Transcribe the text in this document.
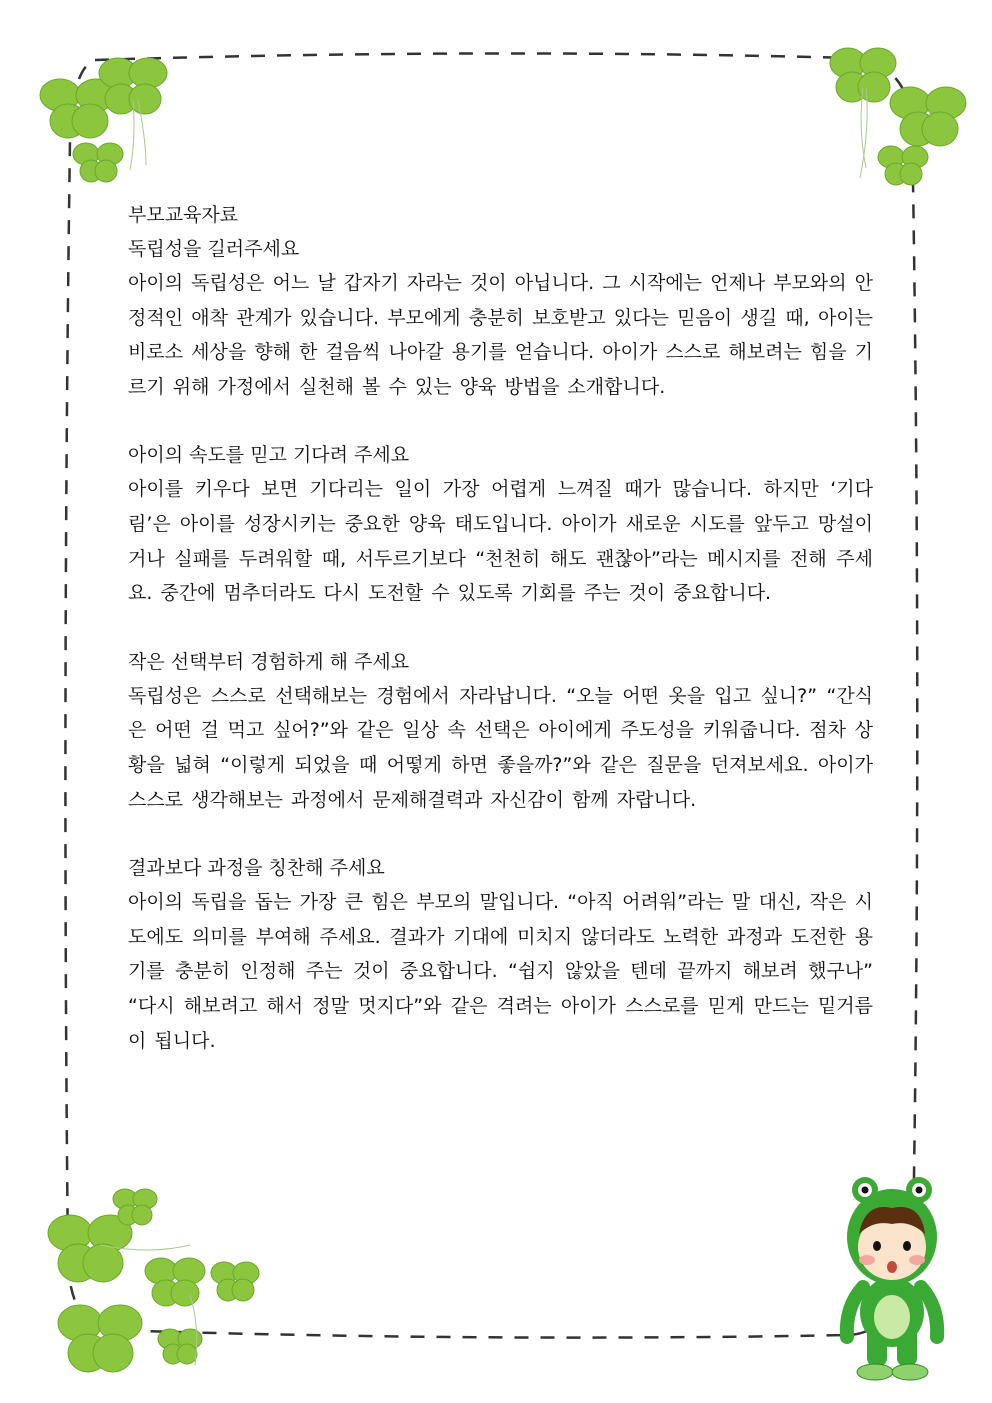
부모교육자료

독립성을 길러주세요

아이의 독립성은 어느 날 갑자기 자라는 것이 아닙니다. 그 시작에는 언제나 부모와의 안정적인 애착 관계가 있습니다. 부모에게 충분히 보호받고 있다는 믿음이 생길 때, 아이는 비로소 세상을 향해 한 걸음씩 나아갈 용기를 얻습니다. 아이가 스스로 해보려는 힘을 기르기 위해 가정에서 실천해 볼 수 있는 양육 방법을 소개합니다.

아이의 속도를 믿고 기다려 주세요

아이를 키우다 보면 기다리는 일이 가장 어렵게 느껴질 때가 많습니다. 하지만 ‘기다림’은 아이를 성장시키는 중요한 양육 태도입니다. 아이가 새로운 시도를 앞두고 망설이거나 실패를 두려워할 때, 서두르기보다 “천천히 해도 괜찮아”라는 메시지를 전해 주세요. 중간에 멈추더라도 다시 도전할 수 있도록 기회를 주는 것이 중요합니다.

작은 선택부터 경험하게 해 주세요

독립성은 스스로 선택해보는 경험에서 자라납니다. “오늘 어떤 옷을 입고 싶니?” “간식은 어떤 걸 먹고 싶어?”와 같은 일상 속 선택은 아이에게 주도성을 키워줍니다. 점차 상황을 넓혀 “이렇게 되었을 때 어떻게 하면 좋을까?”와 같은 질문을 던져보세요. 아이가 스스로 생각해보는 과정에서 문제해결력과 자신감이 함께 자랍니다.

결과보다 과정을 칭찬해 주세요

아이의 독립을 돕는 가장 큰 힘은 부모의 말입니다. “아직 어려워”라는 말 대신, 작은 시도에도 의미를 부여해 주세요. 결과가 기대에 미치지 않더라도 노력한 과정과 도전한 용기를 충분히 인정해 주는 것이 중요합니다. “쉽지 않았을 텐데 끝까지 해보려 했구나” “다시 해보려고 해서 정말 멋지다”와 같은 격려는 아이가 스스로를 믿게 만드는 밑거름이 됩니다.
